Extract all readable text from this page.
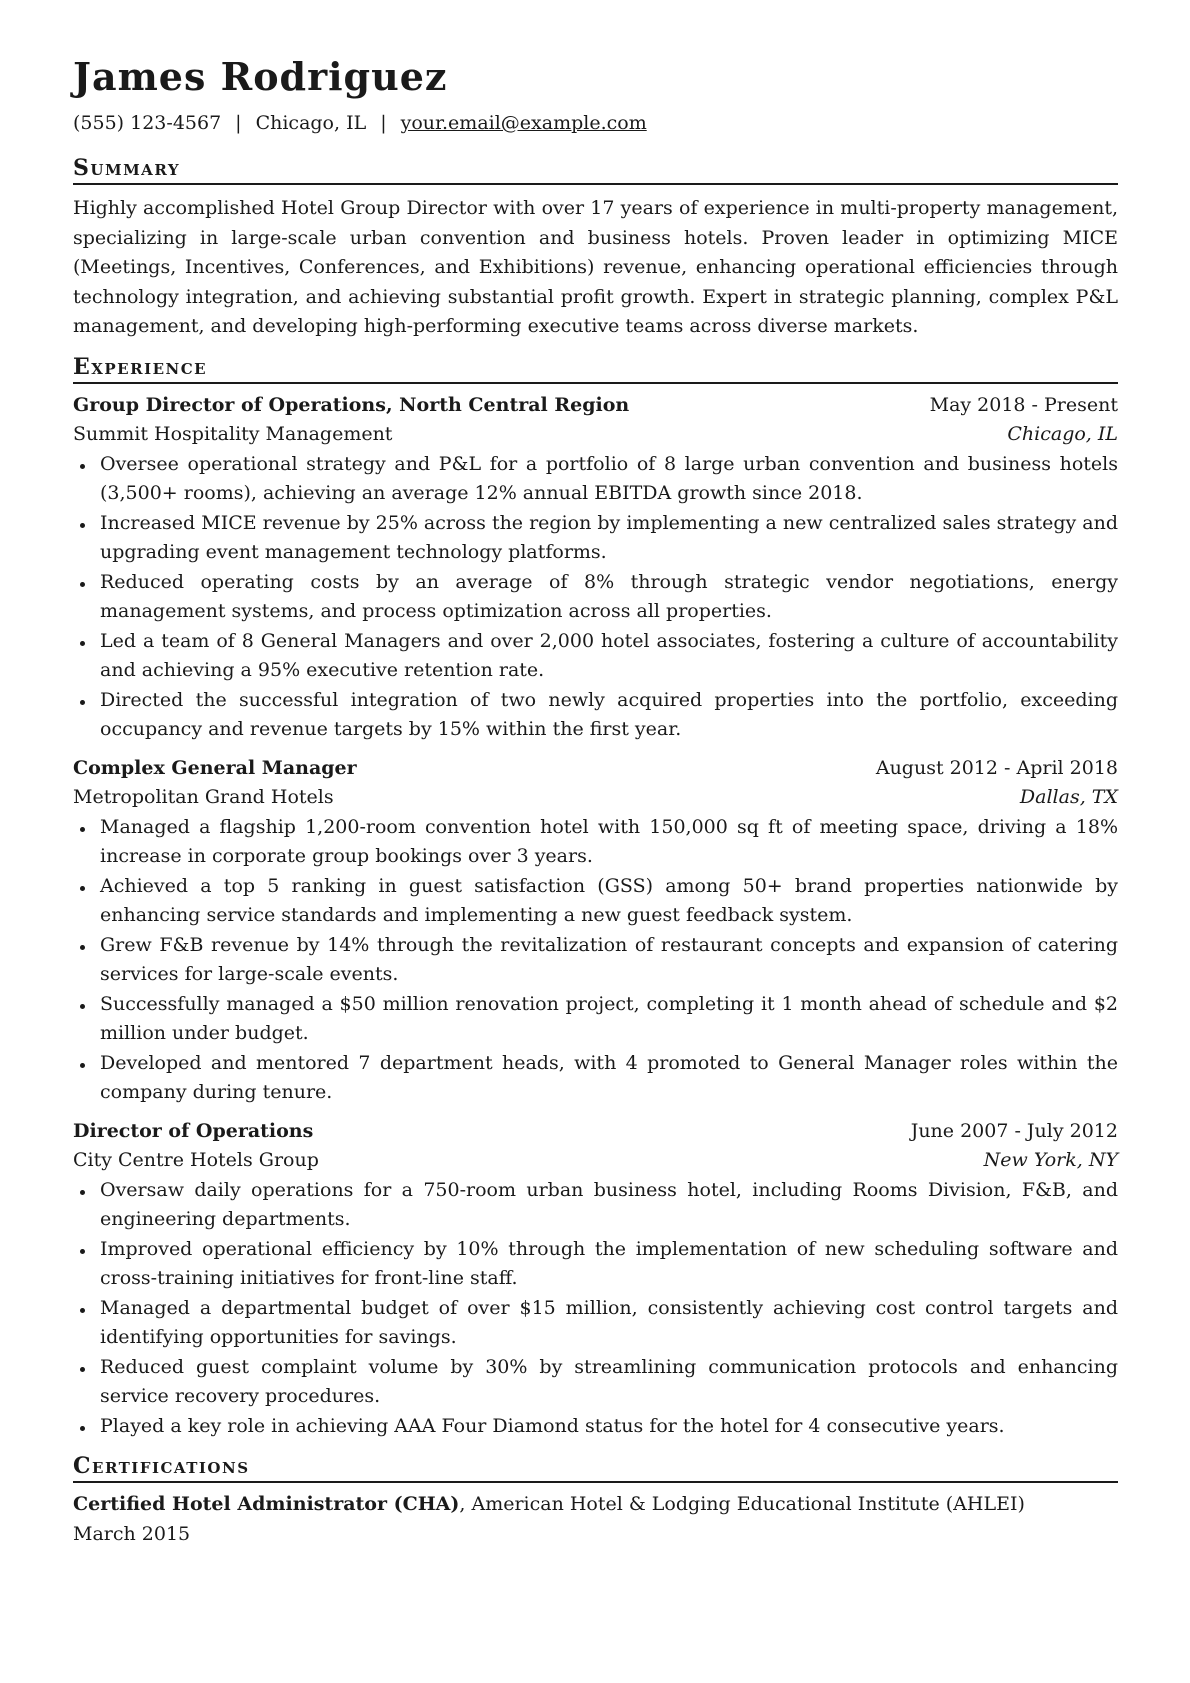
James Rodriguez
(555) 123-4567 | Chicago, IL | your.email@example.com
Summary

Highly accomplished Hotel Group Director with over 17 years of experience in multi-property management, specializing in large-scale urban convention and business hotels. Proven leader in optimizing MICE (Meetings, Incentives, Conferences, and Exhibitions) revenue, enhancing operational efficiencies through technology integration, and achieving substantial profit growth. Expert in strategic planning, complex P&L management, and developing high-performing executive teams across diverse markets.

Experience
Group Director of Operations, North Central Region	May 2018 - Present
Summit Hospitality Management	Chicago, IL
Oversee operational strategy and P&L for a portfolio of 8 large urban convention and business hotels (3,500+ rooms), achieving an average 12% annual EBITDA growth since 2018.
Increased MICE revenue by 25% across the region by implementing a new centralized sales strategy and upgrading event management technology platforms.
Reduced operating costs by an average of 8% through strategic vendor negotiations, energy management systems, and process optimization across all properties.
Led a team of 8 General Managers and over 2,000 hotel associates, fostering a culture of accountability and achieving a 95% executive retention rate.
Directed the successful integration of two newly acquired properties into the portfolio, exceeding occupancy and revenue targets by 15% within the first year.
Complex General Manager	August 2012 - April 2018
Metropolitan Grand Hotels	Dallas, TX
Managed a flagship 1,200-room convention hotel with 150,000 sq ft of meeting space, driving a 18% increase in corporate group bookings over 3 years.
Achieved a top 5 ranking in guest satisfaction (GSS) among 50+ brand properties nationwide by enhancing service standards and implementing a new guest feedback system.
Grew F&B revenue by 14% through the revitalization of restaurant concepts and expansion of catering services for large-scale events.
Successfully managed a $50 million renovation project, completing it 1 month ahead of schedule and $2 million under budget.
Developed and mentored 7 department heads, with 4 promoted to General Manager roles within the company during tenure.
Director of Operations	June 2007 - July 2012
City Centre Hotels Group	New York, NY
Oversaw daily operations for a 750-room urban business hotel, including Rooms Division, F&B, and engineering departments.
Improved operational efficiency by 10% through the implementation of new scheduling software and cross-training initiatives for front-line staff.
Managed a departmental budget of over $15 million, consistently achieving cost control targets and identifying opportunities for savings.
Reduced guest complaint volume by 30% by streamlining communication protocols and enhancing service recovery procedures.
Played a key role in achieving AAA Four Diamond status for the hotel for 4 consecutive years.
Certifications
Certified Hotel Administrator (CHA), American Hotel & Lodging Educational Institute (AHLEI)
March 2015
